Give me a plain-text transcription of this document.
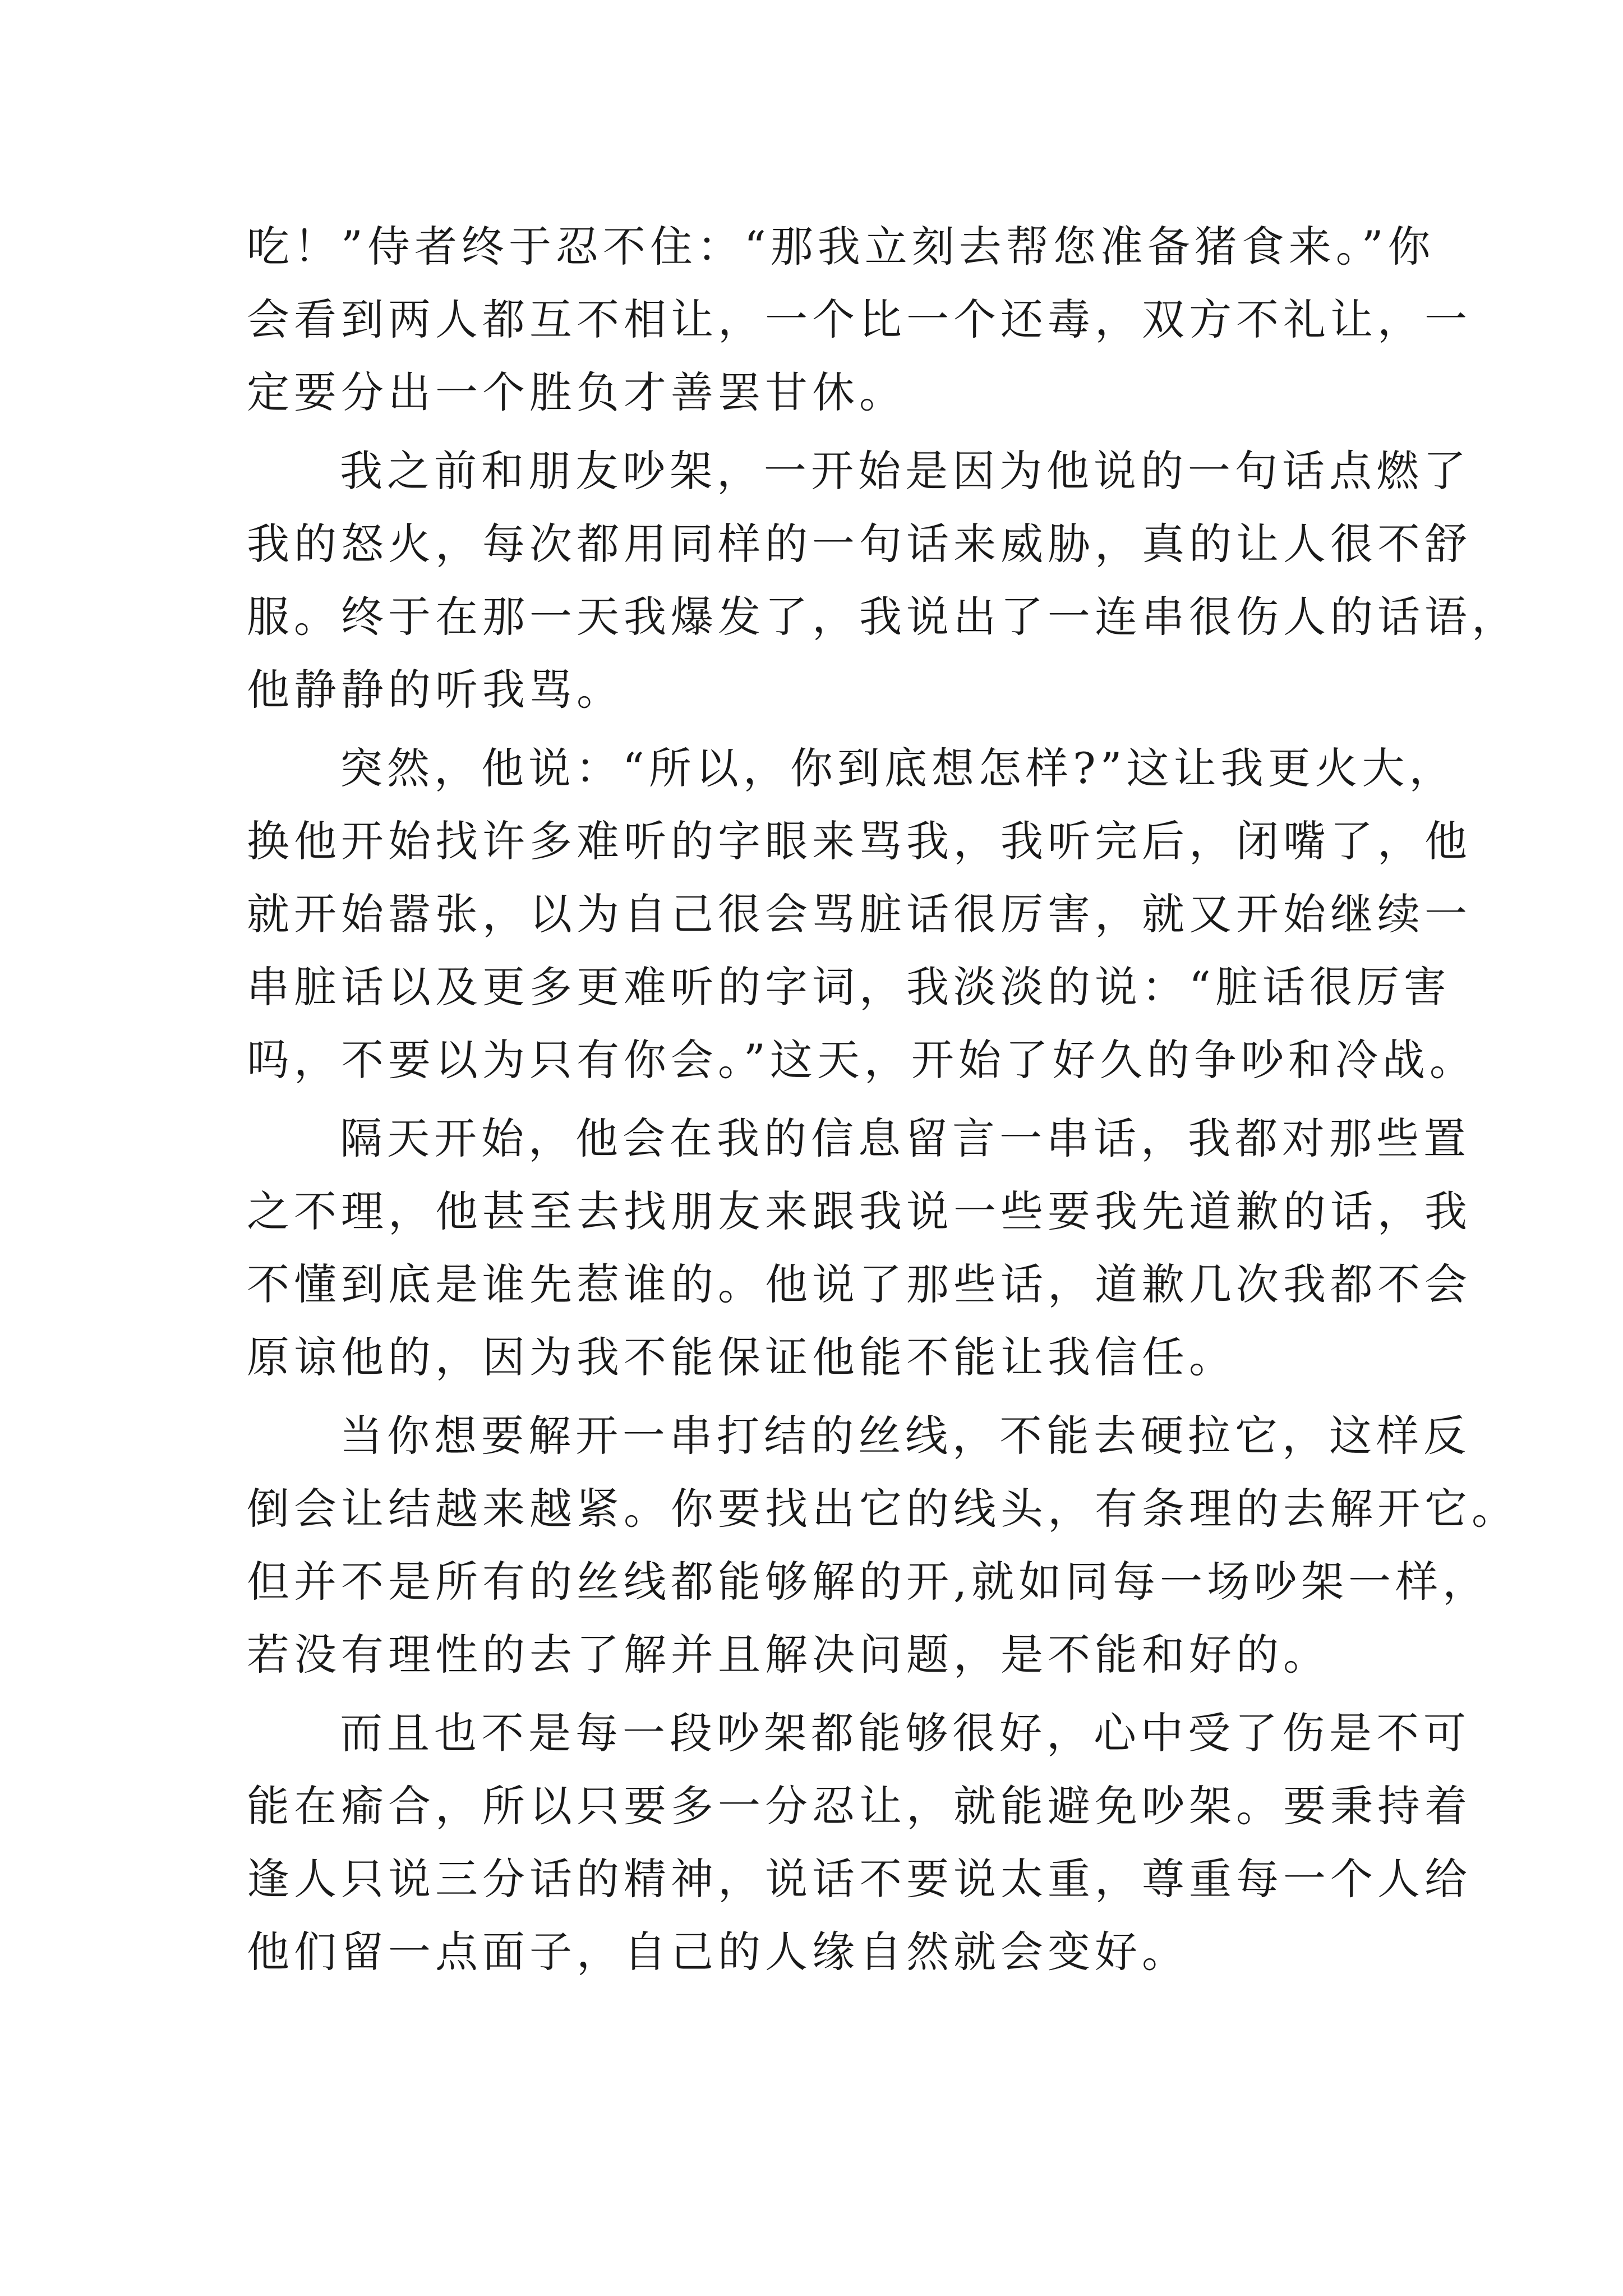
吃！”侍者终于忍不住：“那我立刻去帮您准备猪食来。”你
会看到两人都互不相让，一个比一个还毒，双方不礼让，一
定要分出一个胜负才善罢甘休。
我之前和朋友吵架，一开始是因为他说的一句话点燃了
我的怒火，每次都用同样的一句话来威胁，真的让人很不舒
服。终于在那一天我爆发了，我说出了一连串很伤人的话语，
他静静的听我骂。
突然，他说：“所以，你到底想怎样?”这让我更火大，
换他开始找许多难听的字眼来骂我，我听完后，闭嘴了，他
就开始嚣张，以为自己很会骂脏话很厉害，就又开始继续一
串脏话以及更多更难听的字词，我淡淡的说：“脏话很厉害
吗，不要以为只有你会。”这天，开始了好久的争吵和冷战。
隔天开始，他会在我的信息留言一串话，我都对那些置
之不理，他甚至去找朋友来跟我说一些要我先道歉的话，我
不懂到底是谁先惹谁的。他说了那些话，道歉几次我都不会
原谅他的，因为我不能保证他能不能让我信任。
当你想要解开一串打结的丝线，不能去硬拉它，这样反
倒会让结越来越紧。你要找出它的线头，有条理的去解开它。
但并不是所有的丝线都能够解的开,就如同每一场吵架一样，
若没有理性的去了解并且解决问题，是不能和好的。
而且也不是每一段吵架都能够很好，心中受了伤是不可
能在瘉合，所以只要多一分忍让，就能避免吵架。要秉持着
逢人只说三分话的精神，说话不要说太重，尊重每一个人给
他们留一点面子，自己的人缘自然就会变好。
